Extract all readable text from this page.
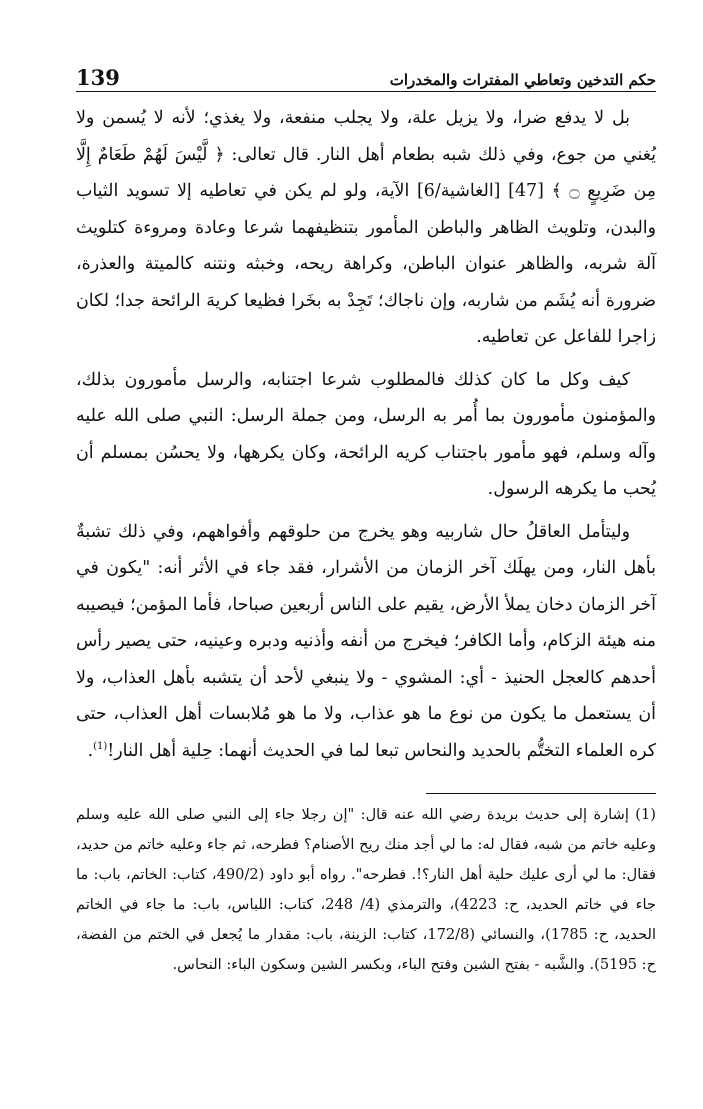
حكم التدخين وتعاطي المفترات والمخدرات
139

بل لا يدفع ضرا، ولا يزيل علة، ولا يجلب منفعة، ولا يغذي؛ لأنه لا يُسمن ولا يُغني من جوع، وفي ذلك شبه بطعام أهل النار. قال تعالى: ﴿ لَّيْسَ لَهُمْ طَعَامٌ إِلَّا مِن ضَرِيعٍ ۝ ﴾ [47] [الغاشية/6] الآية، ولو لم يكن في تعاطيه إلا تسويد الثياب والبدن، وتلويث الظاهر والباطن المأمور بتنظيفهما شرعا وعادة ومروءة كتلويث آلة شربه، والظاهر عنوان الباطن، وكراهة ريحه، وخبثه ونتنه كالميتة والعذرة، ضرورة أنه يُشَم من شاربه، وإن ناجاك؛ تَجِدْ به بخَرا فظيعا كريهَ الرائحة جدا؛ لكان زاجرا للفاعل عن تعاطيه.

كيف وكل ما كان كذلك فالمطلوب شرعا اجتنابه، والرسل مأمورون بذلك، والمؤمنون مأمورون بما أُمر به الرسل، ومن جملة الرسل: النبي صلى الله عليه وآله وسلم، فهو مأمور باجتناب كريه الرائحة، وكان يكرهها، ولا يحسُن بمسلم أن يُحب ما يكرهه الرسول.

وليتأمل العاقلُ حال شاربيه وهو يخرج من حلوقهم وأفواههم، وفي ذلك تشبةٌ بأهل النار، ومن يهلَك آخر الزمان من الأشرار، فقد جاء في الأثر أنه: "يكون في آخر الزمان دخان يملأ الأرض، يقيم على الناس أربعين صباحا، فأما المؤمن؛ فيصيبه منه هيئة الزكام، وأما الكافر؛ فيخرج من أنفه وأذنيه ودبره وعينيه، حتى يصير رأس أحدهم كالعجل الحنيذ - أي: المشوي - ولا ينبغي لأحد أن يتشبه بأهل العذاب، ولا أن يستعمل ما يكون من نوع ما هو عذاب، ولا ما هو مُلابسات أهل العذاب، حتى كره العلماء التختُّم بالحديد والنحاس تبعا لما في الحديث أنهما: حِلية أهل النار!$^{(1)}$.

(1) إشارة إلى حديث بريدة رضي الله عنه قال: "إن رجلا جاء إلى النبي صلى الله عليه وسلم وعليه خاتم من شبه، فقال له: ما لي أجد منك ريح الأصنام؟ فطرحه، ثم جاء وعليه خاتم من حديد، فقال: ما لي أرى عليك حلية أهل النار؟!. فطرحه". رواه أبو داود (490/2، كتاب: الخاتم، باب: ما جاء في خاتم الحديد، ح: 4223)، والترمذي (4/ 248، كتاب: اللباس، باب: ما جاء في الخاتم الحديد، ح: 1785)، والنسائي (172/8، كتاب: الزينة، باب: مقدار ما يُجعل في الختم من الفضة، ح: 5195). والشَّبه - بفتح الشين وفتح الباء، وبكسر الشين وسكون الباء: النحاس.
